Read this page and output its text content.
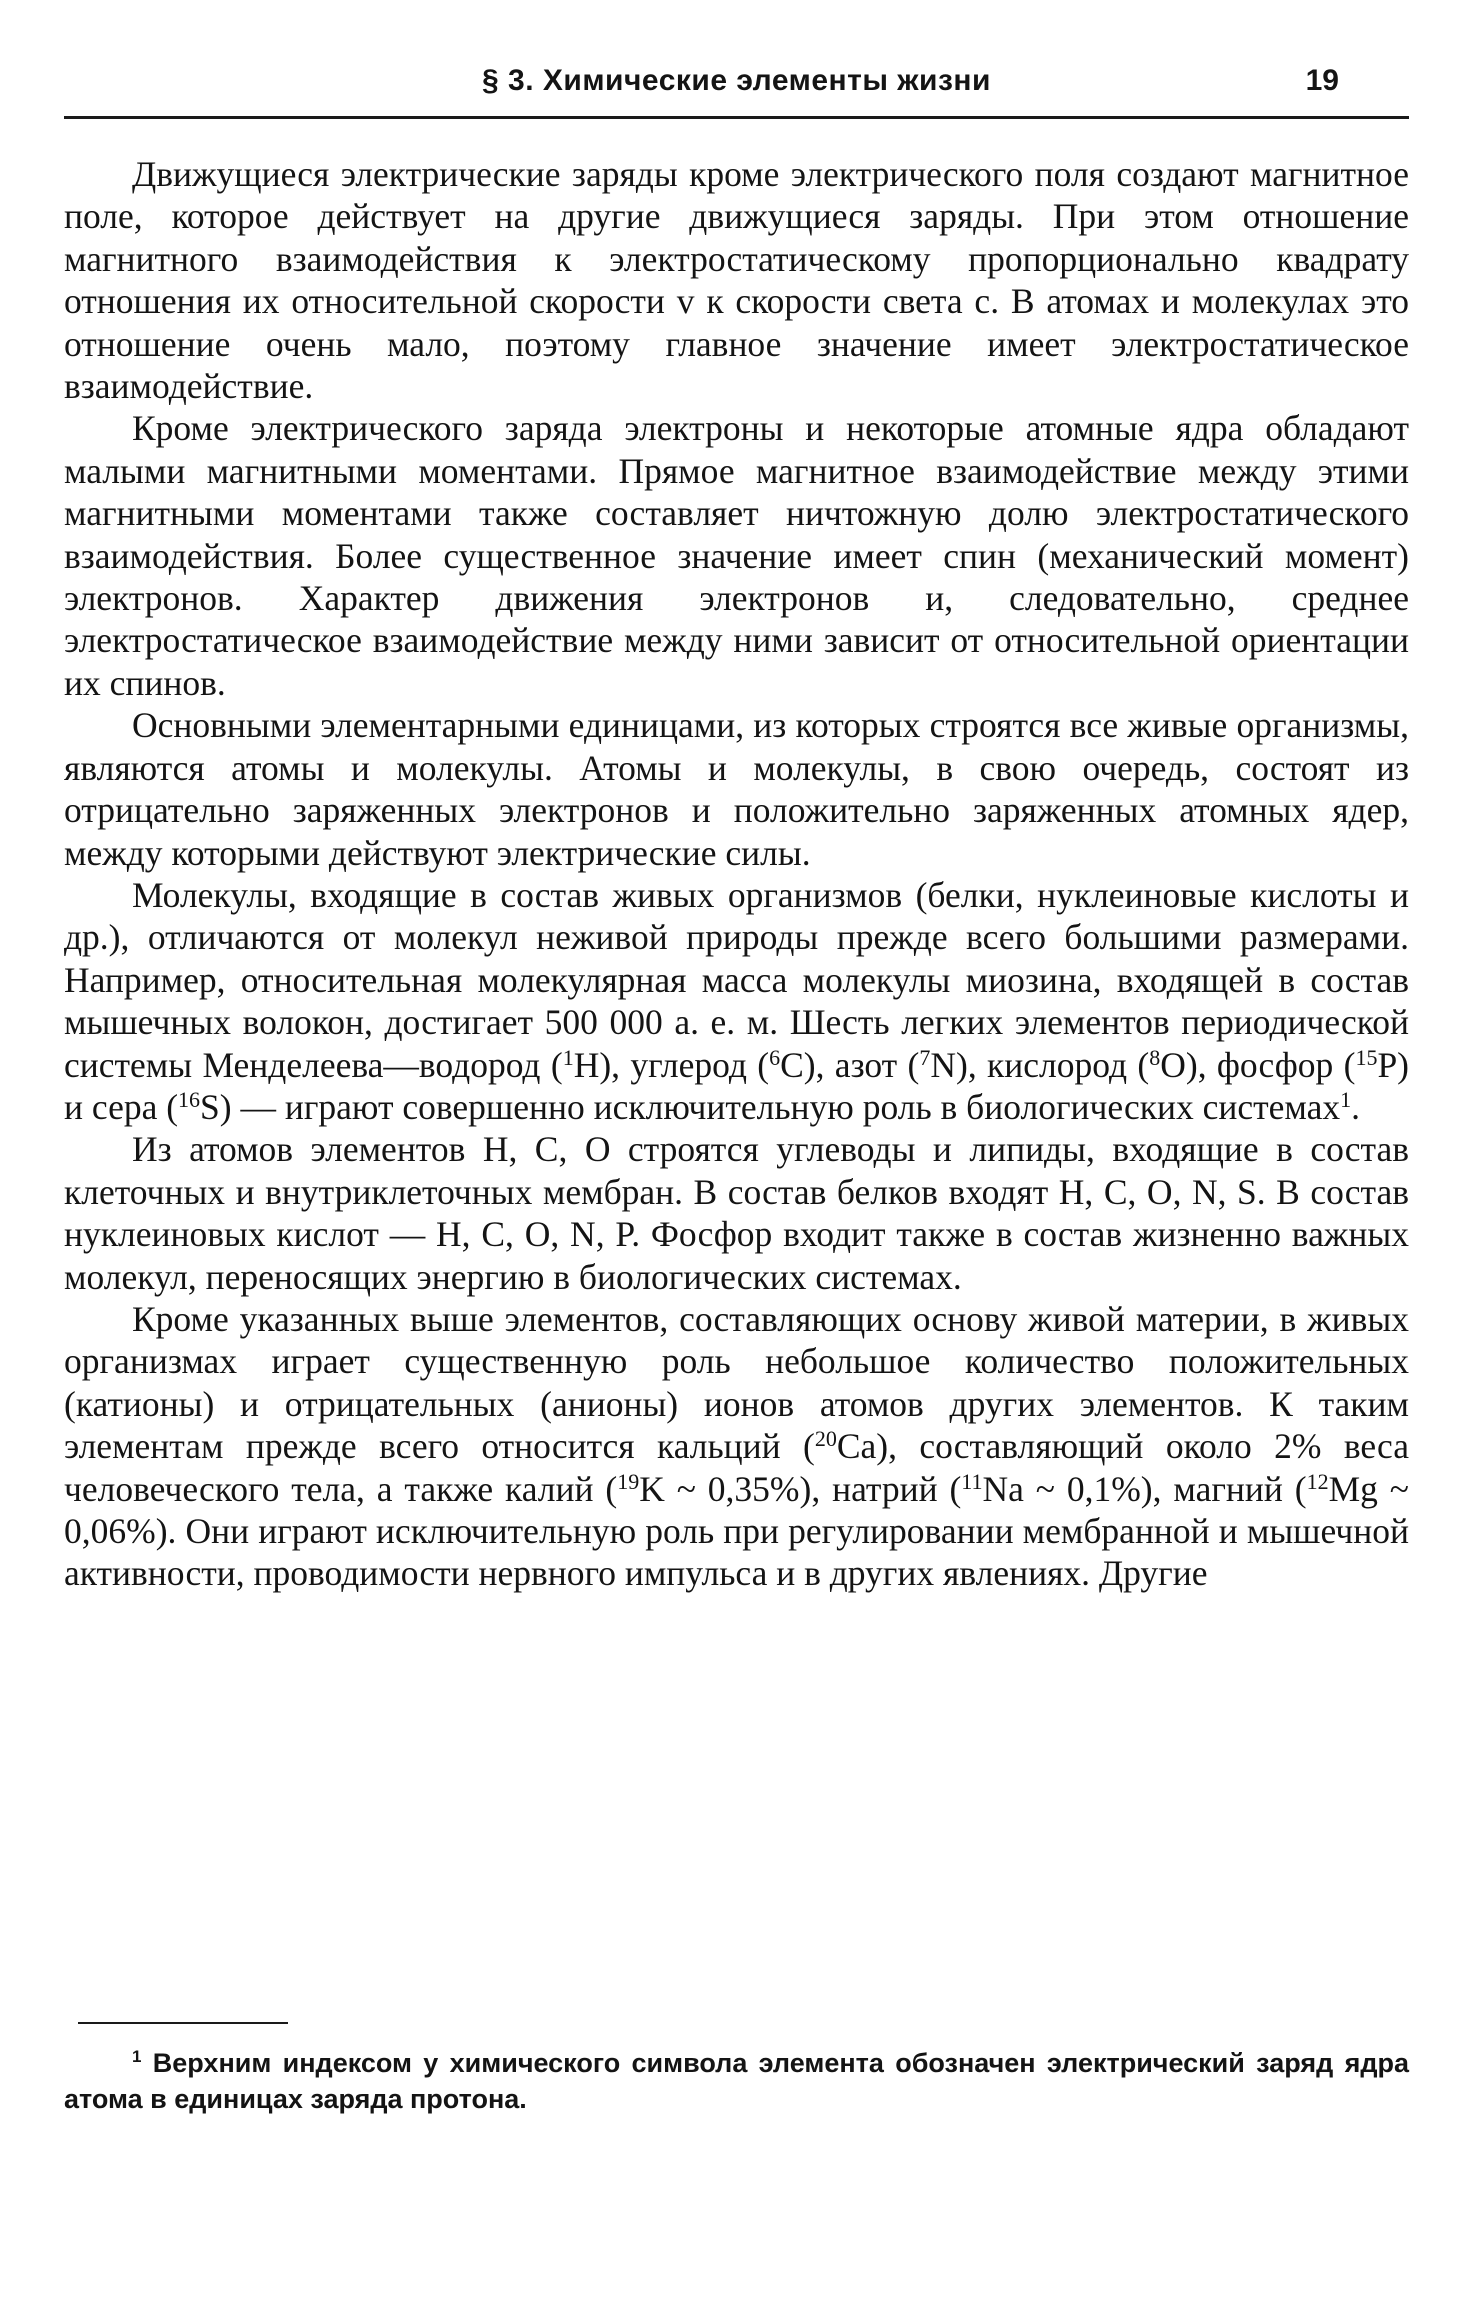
§ 3. Химические элементы жизни	19

Движущиеся электрические заряды кроме электрического поля создают магнитное поле, которое действует на другие движущиеся заряды. При этом отношение магнитного взаимодействия к электростатическому пропорционально квадрату отношения их относительной скорости v к скорости света c. В атомах и молекулах это отношение очень мало, поэтому главное значение имеет электростатическое взаимодействие.

Кроме электрического заряда электроны и некоторые атомные ядра обладают малыми магнитными моментами. Прямое магнитное взаимодействие между этими магнитными моментами также составляет ничтожную долю электростатического взаимодействия. Более существенное значение имеет спин (механический момент) электронов. Характер движения электронов и, следовательно, среднее электростатическое взаимодействие между ними зависит от относительной ориентации их спинов.

Основными элементарными единицами, из которых строятся все живые организмы, являются атомы и молекулы. Атомы и молекулы, в свою очередь, состоят из отрицательно заряженных электронов и положительно заряженных атомных ядер, между которыми действуют электрические силы.

Молекулы, входящие в состав живых организмов (белки, нуклеиновые кислоты и др.), отличаются от молекул неживой природы прежде всего большими размерами. Например, относительная молекулярная масса молекулы миозина, входящей в состав мышечных волокон, достигает 500 000 а. е. м. Шесть легких элементов периодической системы Менделеева—водород ($^1$H), углерод ($^6$C), азот ($^7$N), кислород ($^8$O), фосфор ($^{15}$P) и сера ($^{16}$S) — играют совершенно исключительную роль в биологических системах$^1$.

Из атомов элементов H, C, O строятся углеводы и липиды, входящие в состав клеточных и внутриклеточных мембран. В состав белков входят H, C, O, N, S. В состав нуклеиновых кислот — H, C, O, N, P. Фосфор входит также в состав жизненно важных молекул, переносящих энергию в биологических системах.

Кроме указанных выше элементов, составляющих основу живой материи, в живых организмах играет существенную роль небольшое количество положительных (катионы) и отрицательных (анионы) ионов атомов других элементов. К таким элементам прежде всего относится кальций ($^{20}$Ca), составляющий около 2% веса человеческого тела, а также калий ($^{19}$K ~ 0,35%), натрий ($^{11}$Na ~ 0,1%), магний ($^{12}$Mg ~ 0,06%). Они играют исключительную роль при регулировании мембранной и мышечной активности, проводимости нервного импульса и в других явлениях. Другие

$^1$ Верхним индексом у химического символа элемента обозначен электрический заряд ядра атома в единицах заряда протона.
